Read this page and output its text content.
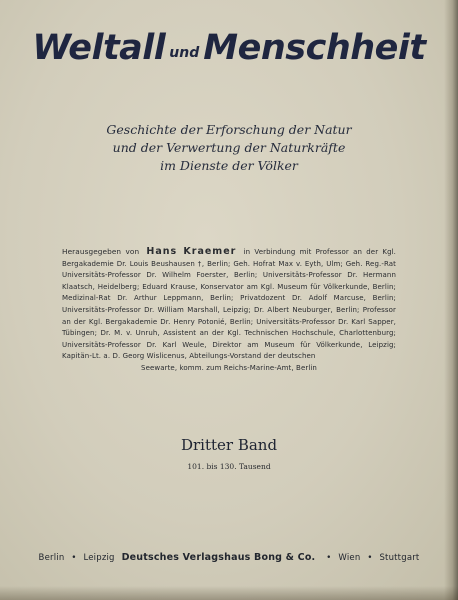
Weltall und Menschheit
Geschichte der Erforschung der Natur
und der Verwertung der Naturkräfte
im Dienste der Völker
Herausgegeben von Hans Kraemer in Verbindung mit Professor an der Kgl. Bergakademie Dr. Louis Beushausen †, Berlin; Geh. Hofrat Max v. Eyth, Ulm; Geh. Reg.-Rat Universitäts-Professor Dr. Wilhelm Foerster, Berlin; Universitäts-Professor Dr. Hermann Klaatsch, Heidelberg; Eduard Krause, Konservator am Kgl. Museum für Völkerkunde, Berlin; Medizinal-Rat Dr. Arthur Leppmann, Berlin; Privatdozent Dr. Adolf Marcuse, Berlin; Universitäts-Professor Dr. William Marshall, Leipzig; Dr. Albert Neuburger, Berlin; Professor an der Kgl. Bergakademie Dr. Henry Potonié, Berlin; Universitäts-Professor Dr. Karl Sapper, Tübingen; Dr. M. v. Unruh, Assistent an der Kgl. Technischen Hochschule, Charlottenburg; Universitäts-Professor Dr. Karl Weule, Direktor am Museum für Völkerkunde, Leipzig; Kapitän-Lt. a. D. Georg Wislicenus, Abteilungs-Vorstand der deutschen
Seewarte, komm. zum Reichs-Marine-Amt, Berlin
Dritter Band
101. bis 130. Tausend
Berlin • Leipzig Deutsches Verlagshaus Bong & Co. • Wien • Stuttgart
